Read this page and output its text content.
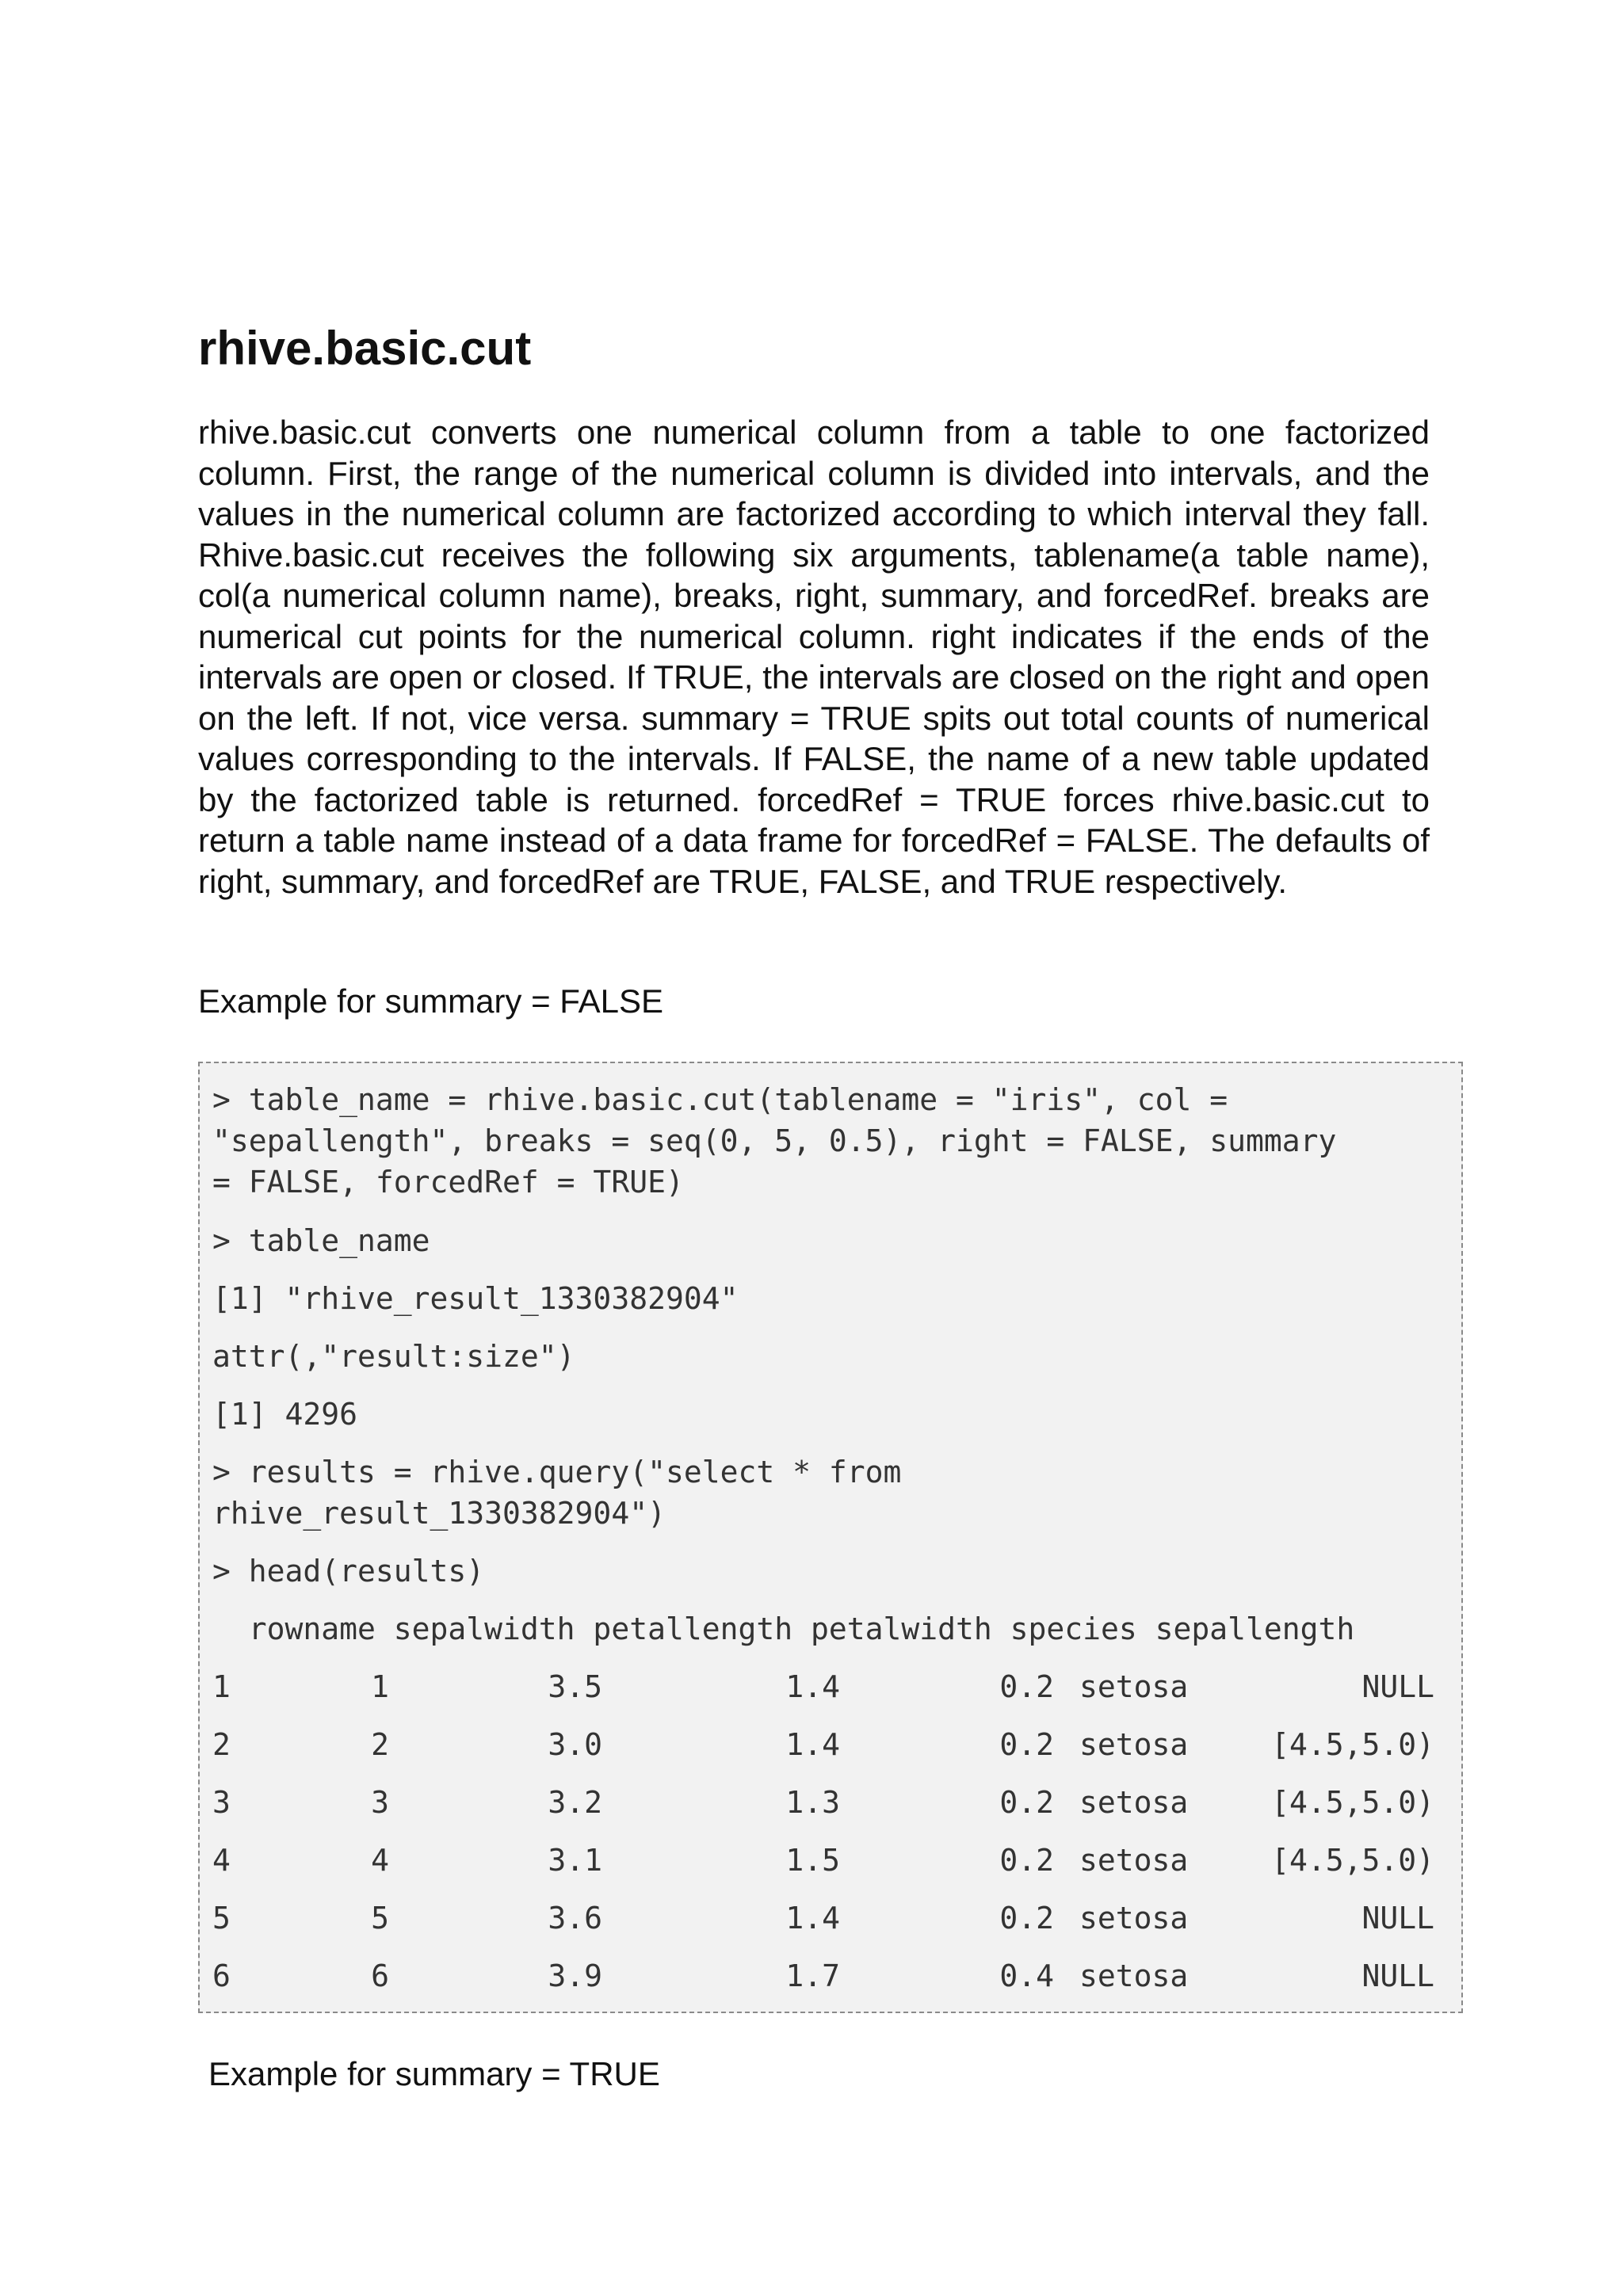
rhive.basic.cut

rhive.basic.cut converts one numerical column from a table to one factorized column. First, the range of the numerical column is divided into intervals, and the values in the numerical column are factorized according to which interval they fall. Rhive.basic.cut receives the following six arguments, tablename(a table name), col(a numerical column name), breaks, right, summary, and forcedRef. breaks are numerical cut points for the numerical column. right indicates if the ends of the intervals are open or closed. If TRUE, the intervals are closed on the right and open on the left. If not, vice versa. summary = TRUE spits out total counts of numerical values corresponding to the intervals. If FALSE, the name of a new table updated by the factorized table is returned. forcedRef = TRUE forces rhive.basic.cut to return a table name instead of a data frame for forcedRef = FALSE. The defaults of right, summary, and forcedRef are TRUE, FALSE, and TRUE respectively.

Example for summary = FALSE

> table_name = rhive.basic.cut(tablename = "iris", col =
"sepallength", breaks = seq(0, 5, 0.5), right = FALSE, summary
= FALSE, forcedRef = TRUE)
> table_name
[1] "rhive_result_1330382904"
attr(,"result:size")
[1] 4296
> results = rhive.query("select * from
rhive_result_1330382904")
> head(results)
rowname sepalwidth petallength petalwidth species sepallength
1	1	3.5	1.4	0.2 setosa	NULL
2	2	3.0	1.4	0.2 setosa	[4.5,5.0)
3	3	3.2	1.3	0.2 setosa	[4.5,5.0)
4	4	3.1	1.5	0.2 setosa	[4.5,5.0)
5	5	3.6	1.4	0.2 setosa	NULL
6	6	3.9	1.7	0.4 setosa	NULL

Example for summary = TRUE
